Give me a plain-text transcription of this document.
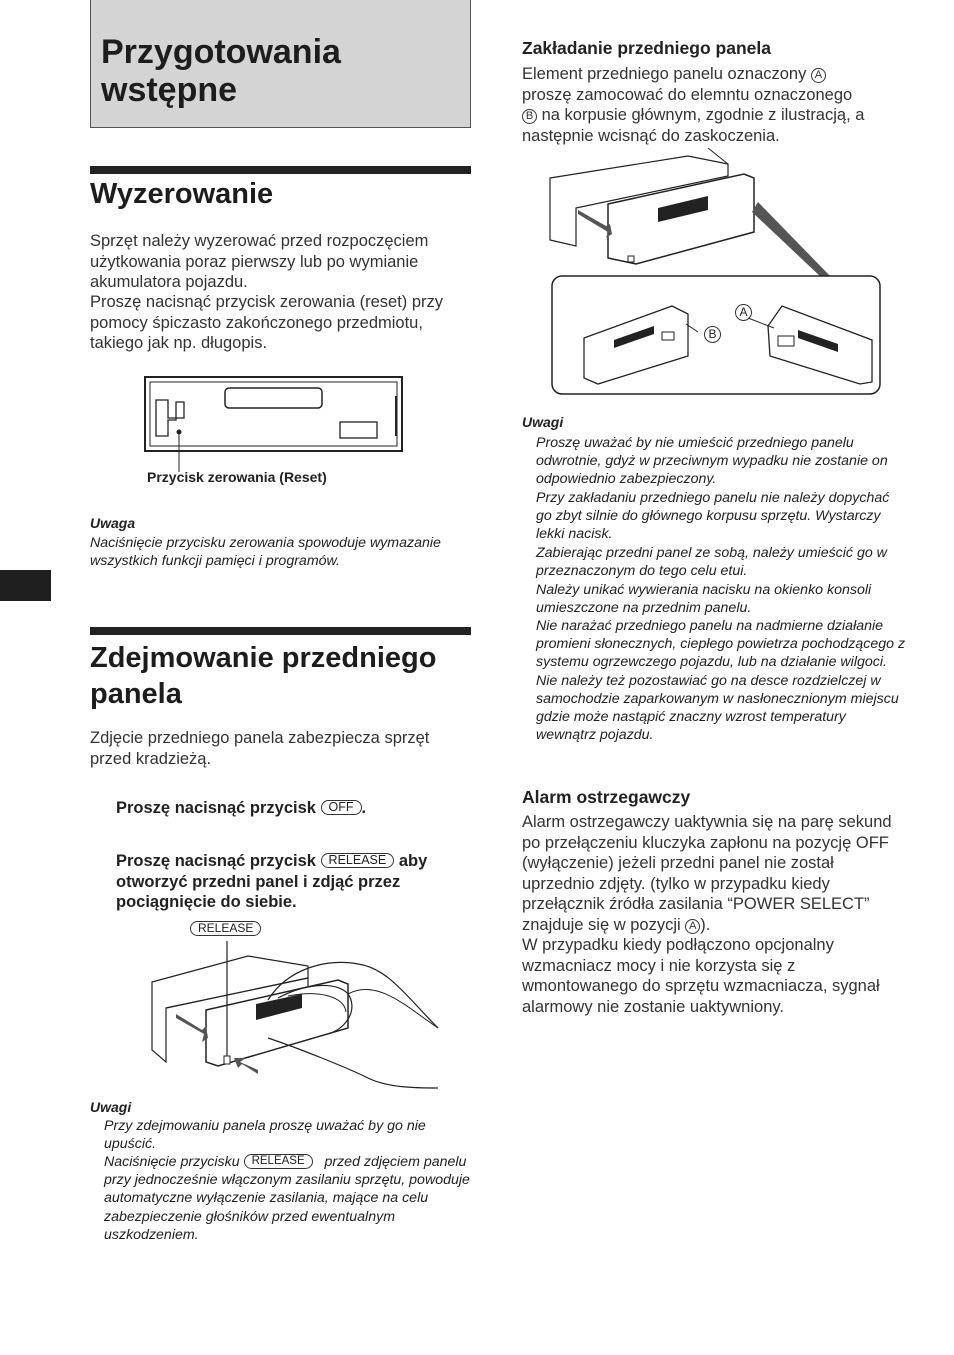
Przygotowania wstępne
Wyzerowanie
Sprzęt należy wyzerować przed rozpoczęciem użytkowania poraz pierwszy lub po wymianie akumulatora pojazdu.
Proszę nacisnąć przycisk zerowania (reset) przy pomocy śpiczasto zakończonego przedmiotu, takiego jak np. długopis.
Przycisk zerowania (Reset)
Uwaga
Naciśnięcie przycisku zerowania spowoduje wymazanie wszystkich funkcji pamięci i programów.
Zdejmowanie przedniego panela
Zdjęcie przedniego panela zabezpiecza sprzęt przed kradzieżą.
Proszę nacisnąć przycisk OFF .
Proszę nacisnąć przycisk RELEASE aby otworzyć przedni panel i zdjąć przez pociągnięcie do siebie.
RELEASE
Uwagi
Przy zdejmowaniu panela proszę uważać by go nie upuścić.
Naciśnięcie przycisku RELEASE przed zdjęciem panelu przy jednocześnie włączonym zasilaniu sprzętu, powoduje automatyczne wyłączenie zasilania, mające na celu zabezpieczenie głośników przed ewentualnym uszkodzeniem.
Zakładanie przedniego panela
Element przedniego panelu oznaczony A
proszę zamocować do elemntu oznaczonego
B na korpusie głównym, zgodnie z ilustracją, a następnie wcisnąć do zaskoczenia.
B
A
Uwagi
Proszę uważać by nie umieścić przedniego panelu odwrotnie, gdyż w przeciwnym wypadku nie zostanie on odpowiednio zabezpieczony.
Przy zakładaniu przedniego panelu nie należy dopychać go zbyt silnie do głównego korpusu sprzętu. Wystarczy lekki nacisk.
Zabierając przedni panel ze sobą, należy umieścić go w przeznaczonym do tego celu etui.
Należy unikać wywierania nacisku na okienko konsoli umieszczone na przednim panelu.
Nie narażać przedniego panelu na nadmierne działanie promieni słonecznych, ciepłego powietrza pochodzącego z systemu ogrzewczego pojazdu, lub na działanie wilgoci. Nie należy też pozostawiać go na desce rozdzielczej w samochodzie zaparkowanym w nasłonecznionym miejscu gdzie może nastąpić znaczny wzrost temperatury wewnątrz pojazdu.
Alarm ostrzegawczy
Alarm ostrzegawczy uaktywnia się na parę sekund po przełączeniu kluczyka zapłonu na pozycję OFF (wyłączenie) jeżeli przedni panel nie został uprzednio zdjęty. (tylko w przypadku kiedy przełącznik źródła zasilania “POWER SELECT” znajduje się w pozycji A ).
W przypadku kiedy podłączono opcjonalny wzmacniacz mocy i nie korzysta się z wmontowanego do sprzętu wzmacniacza, sygnał alarmowy nie zostanie uaktywniony.
